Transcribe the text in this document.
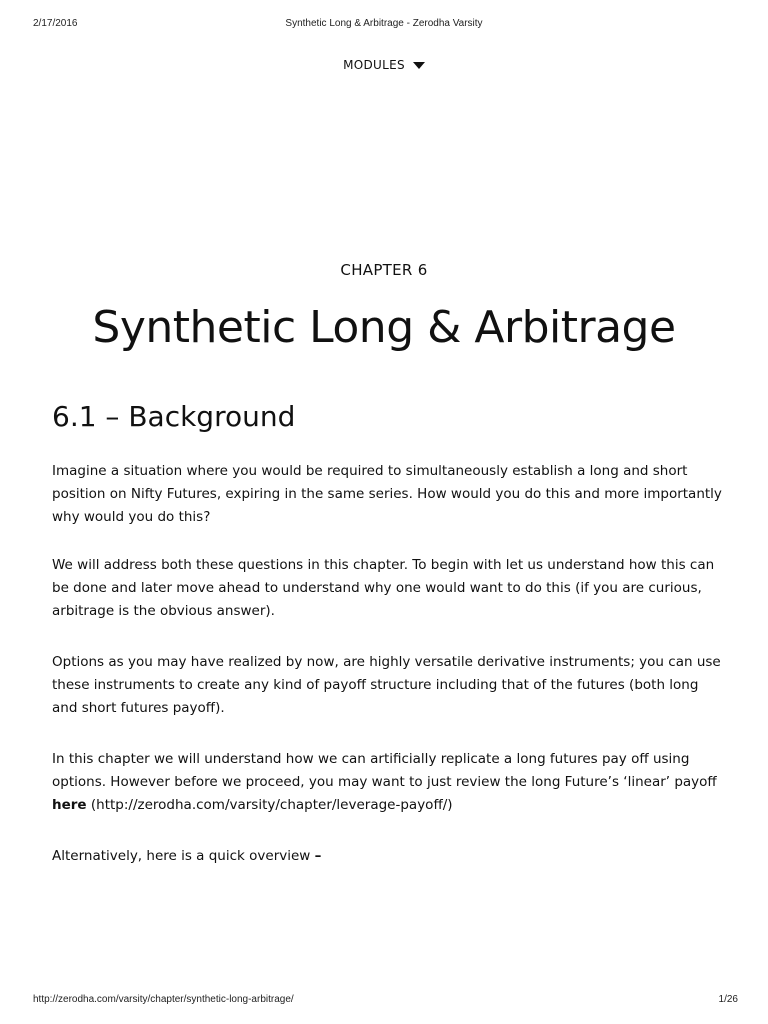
2/17/2016	Synthetic Long & Arbitrage - Zerodha Varsity
MODULES
CHAPTER 6
Synthetic Long & Arbitrage
6.1 – Background

Imagine a situation where you would be required to simultaneously establish a long and short position on Nifty Futures, expiring in the same series. How would you do this and more importantly why would you do this?

We will address both these questions in this chapter. To begin with let us understand how this can be done and later move ahead to understand why one would want to do this (if you are curious, arbitrage is the obvious answer).

Options as you may have realized by now, are highly versatile derivative instruments; you can use these instruments to create any kind of payoff structure including that of the futures (both long and short futures payoff).

In this chapter we will understand how we can artificially replicate a long futures pay off using options. However before we proceed, you may want to just review the long Future’s ‘linear’ payoff
here (http://zerodha.com/varsity/chapter/leverage-payoff/)

Alternatively, here is a quick overview –

http://zerodha.com/varsity/chapter/synthetic-long-arbitrage/	1/26
